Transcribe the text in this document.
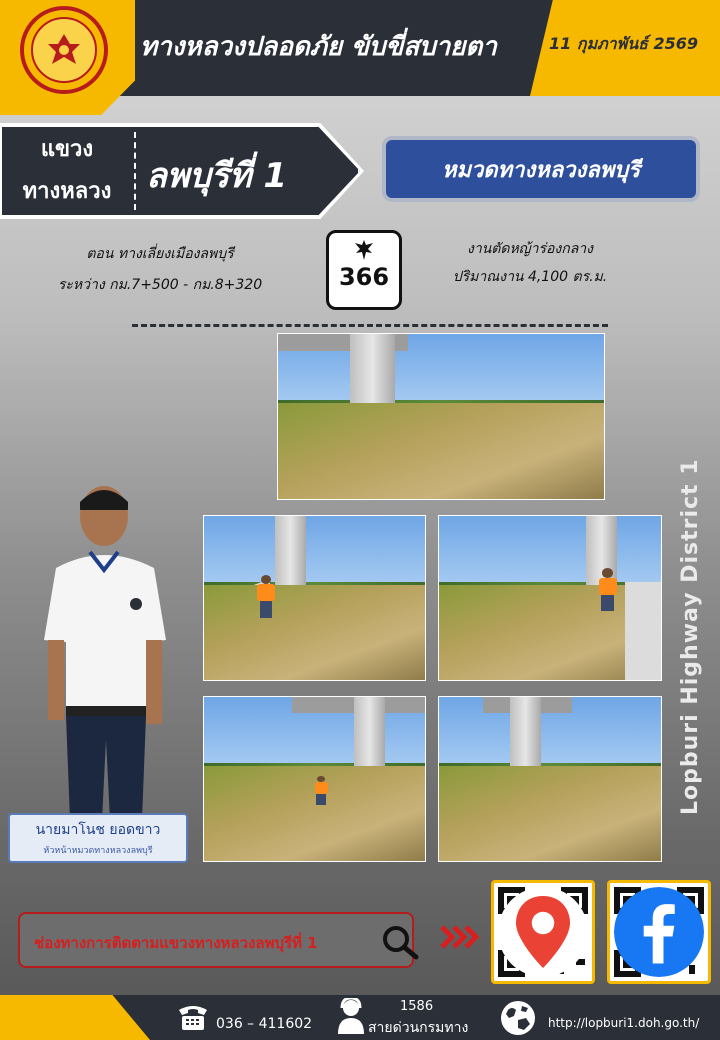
ทางหลวงปลอดภัย ขับขี่สบายตา	11 กุมภาพันธ์ 2569
แขวง
ทางหลวง	ลพบุรีที่ 1	หมวดทางหลวงลพบุรี
ตอน ทางเลี่ยงเมืองลพบุรี
ระหว่าง กม.7+500 - กม.8+320	366
งานตัดหญ้าร่องกลาง
ปริมาณงาน 4,100 ตร.ม.
Lopburi Highway District 1
นายมาโนช ยอดขาว
หัวหน้าหมวดทางหลวงลพบุรี
ช่องทางการติดตามแขวงทางหลวงลพบุรีที่ 1
036 – 411602
1586
สายด่วนกรมทาง	http://lopburi1.doh.go.th/
